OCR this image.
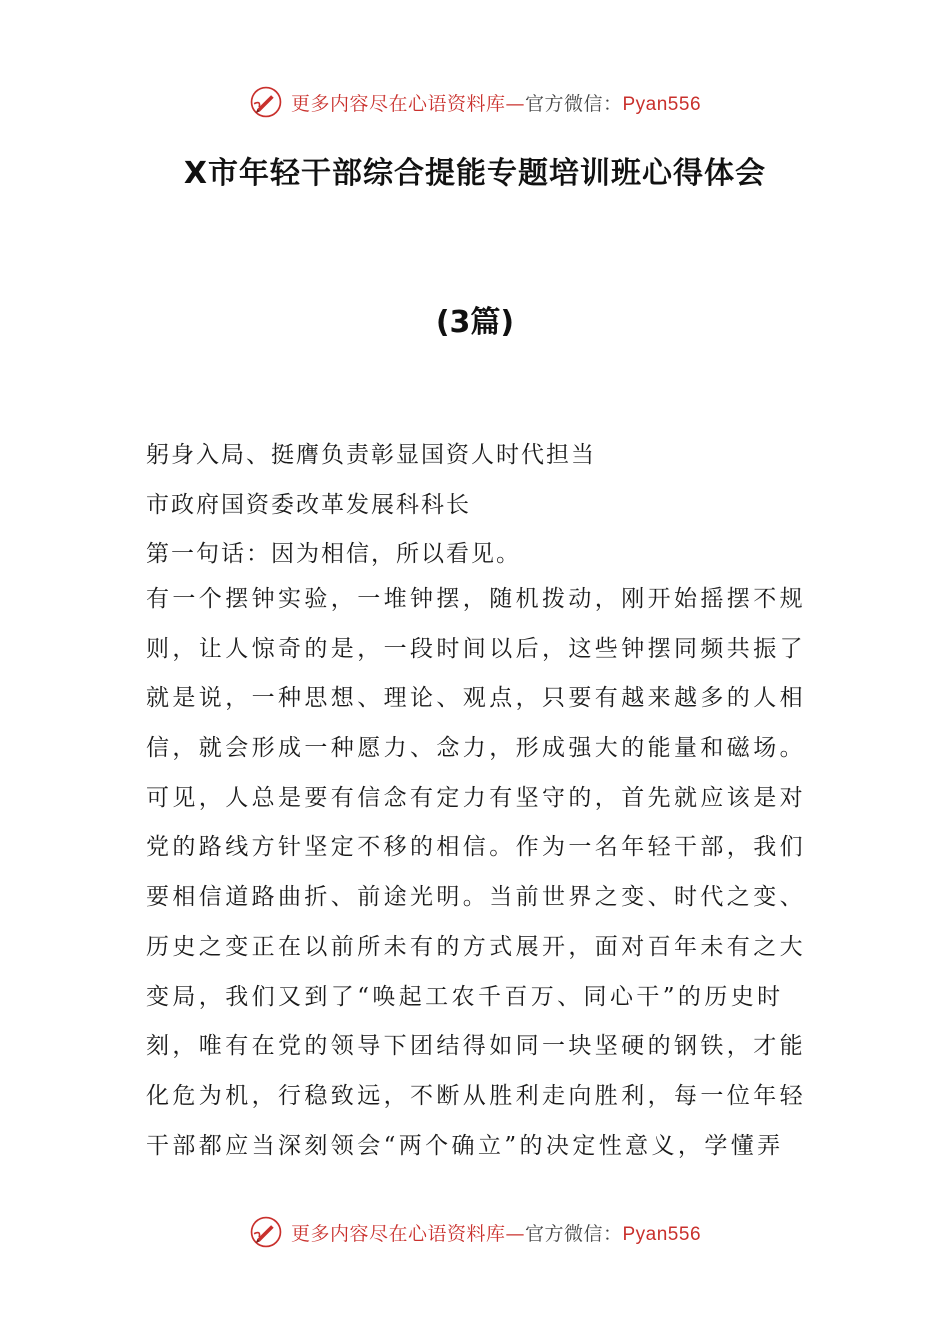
更多内容尽在心语资料库—官方微信：Pyan556
X市年轻干部综合提能专题培训班心得体会
(3篇)

躬身入局、挺膺负责彰显国资人时代担当

市政府国资委改革发展科科长

第一句话：因为相信，所以看见。

有一个摆钟实验，一堆钟摆，随机拨动，刚开始摇摆不规
则，让人惊奇的是，一段时间以后，这些钟摆同频共振了
就是说，一种思想、理论、观点，只要有越来越多的人相
信，就会形成一种愿力、念力，形成强大的能量和磁场。
可见，人总是要有信念有定力有坚守的，首先就应该是对
党的路线方针坚定不移的相信。作为一名年轻干部，我们
要相信道路曲折、前途光明。当前世界之变、时代之变、
历史之变正在以前所未有的方式展开，面对百年未有之大
变局，我们又到了“唤起工农千百万、同心干”的历史时
刻，唯有在党的领导下团结得如同一块坚硬的钢铁，才能
化危为机，行稳致远，不断从胜利走向胜利，每一位年轻
干部都应当深刻领会“两个确立”的决定性意义，学懂弄
更多内容尽在心语资料库—官方微信：Pyan556
